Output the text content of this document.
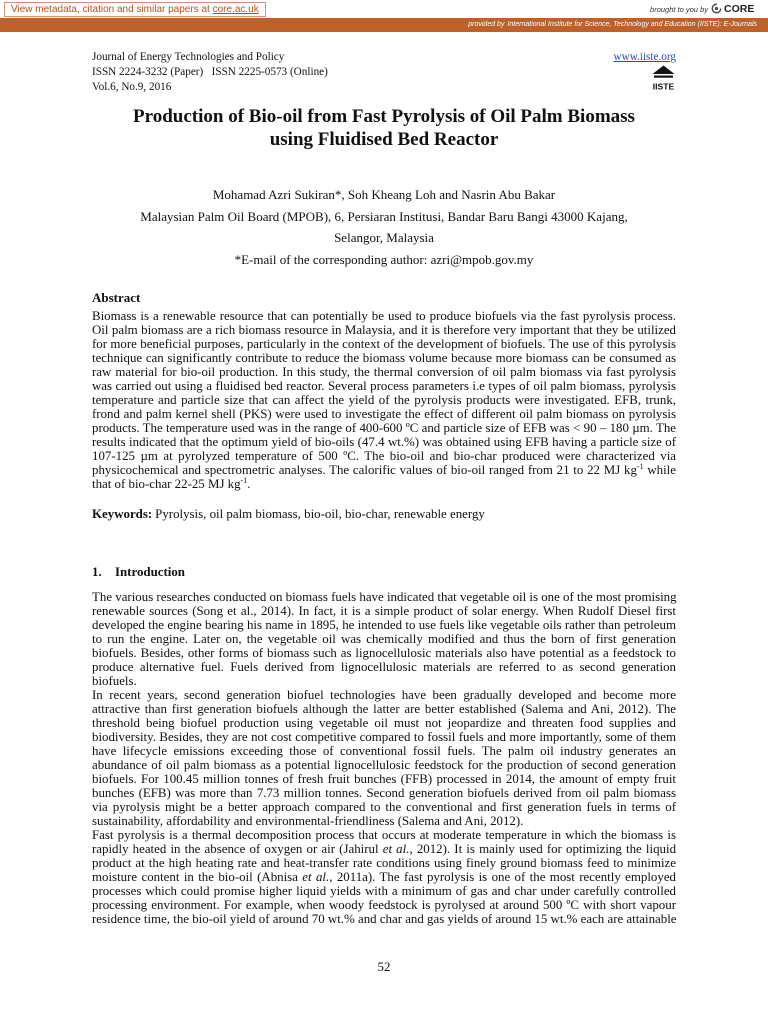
View metadata, citation and similar papers at core.ac.uk	brought to you by CORE
provided by International Institute for Science, Technology and Education (IISTE): E-Journals
Journal of Energy Technologies and Policy
ISSN 2224-3232 (Paper)   ISSN 2225-0573 (Online)
Vol.6, No.9, 2016
www.iiste.org
IISTE
Production of Bio-oil from Fast Pyrolysis of Oil Palm Biomass
using Fluidised Bed Reactor
Mohamad Azri Sukiran*, Soh Kheang Loh and Nasrin Abu Bakar
Malaysian Palm Oil Board (MPOB), 6, Persiaran Institusi, Bandar Baru Bangi 43000 Kajang,
Selangor, Malaysia
*E-mail of the corresponding author: azri@mpob.gov.my
Abstract
Biomass is a renewable resource that can potentially be used to produce biofuels via the fast pyrolysis process.
Oil palm biomass are a rich biomass resource in Malaysia, and it is therefore very important that they be utilized
for more beneficial purposes, particularly in the context of the development of biofuels. The use of this pyrolysis
technique can significantly contribute to reduce the biomass volume because more biomass can be consumed as
raw material for bio-oil production. In this study, the thermal conversion of oil palm biomass via fast pyrolysis
was carried out using a fluidised bed reactor. Several process parameters i.e types of oil palm biomass, pyrolysis
temperature and particle size that can affect the yield of the pyrolysis products were investigated. EFB, trunk,
frond and palm kernel shell (PKS) were used to investigate the effect of different oil palm biomass on pyrolysis
products. The temperature used was in the range of 400-600 ºC and particle size of EFB was < 90 – 180 µm. The
results indicated that the optimum yield of bio-oils (47.4 wt.%) was obtained using EFB having a particle size of
107-125 µm at pyrolyzed temperature of 500 ºC. The bio-oil and bio-char produced were characterized via
physicochemical and spectrometric analyses. The calorific values of bio-oil ranged from 21 to 22 MJ $kg^{-1}$ while
that of bio-char 22-25 MJ $kg^{-1}$.
Keywords: Pyrolysis, oil palm biomass, bio-oil, bio-char, renewable energy
1. Introduction
The various researches conducted on biomass fuels have indicated that vegetable oil is one of the most promising
renewable sources (Song et al., 2014). In fact, it is a simple product of solar energy. When Rudolf Diesel first
developed the engine bearing his name in 1895, he intended to use fuels like vegetable oils rather than petroleum
to run the engine. Later on, the vegetable oil was chemically modified and thus the born of first generation
biofuels. Besides, other forms of biomass such as lignocellulosic materials also have potential as a feedstock to
produce alternative fuel. Fuels derived from lignocellulosic materials are referred to as second generation
biofuels.
In recent years, second generation biofuel technologies have been gradually developed and become more
attractive than first generation biofuels although the latter are better established (Salema and Ani, 2012). The
threshold being biofuel production using vegetable oil must not jeopardize and threaten food supplies and
biodiversity. Besides, they are not cost competitive compared to fossil fuels and more importantly, some of them
have lifecycle emissions exceeding those of conventional fossil fuels. The palm oil industry generates an
abundance of oil palm biomass as a potential lignocellulosic feedstock for the production of second generation
biofuels. For 100.45 million tonnes of fresh fruit bunches (FFB) processed in 2014, the amount of empty fruit
bunches (EFB) was more than 7.73 million tonnes. Second generation biofuels derived from oil palm biomass
via pyrolysis might be a better approach compared to the conventional and first generation fuels in terms of
sustainability, affordability and environmental-friendliness (Salema and Ani, 2012).
Fast pyrolysis is a thermal decomposition process that occurs at moderate temperature in which the biomass is
rapidly heated in the absence of oxygen or air (Jahirul et al., 2012). It is mainly used for optimizing the liquid
product at the high heating rate and heat-transfer rate conditions using finely ground biomass feed to minimize
moisture content in the bio-oil (Abnisa et al., 2011a). The fast pyrolysis is one of the most recently employed
processes which could promise higher liquid yields with a minimum of gas and char under carefully controlled
processing environment. For example, when woody feedstock is pyrolysed at around 500 ºC with short vapour
residence time, the bio-oil yield of around 70 wt.% and char and gas yields of around 15 wt.% each are attainable
52
